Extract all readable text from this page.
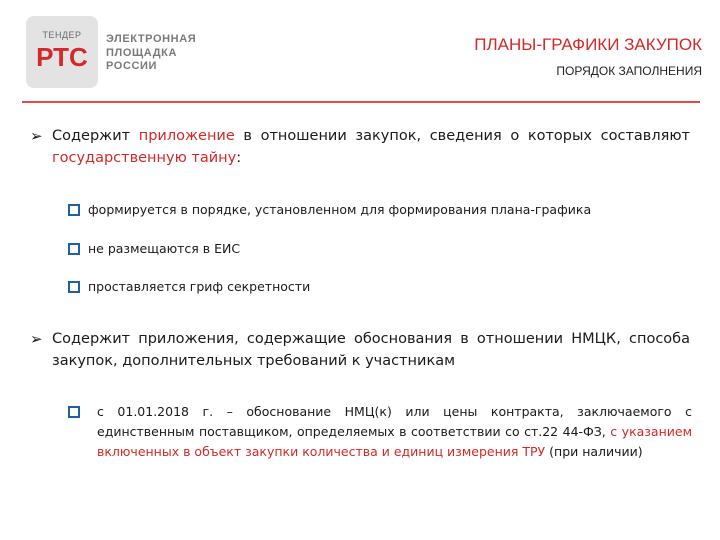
ТЕНДЕР
РТС
ЭЛЕКТРОННАЯ
ПЛОЩАДКА
РОССИИ
ПЛАНЫ-ГРАФИКИ ЗАКУПОК
ПОРЯДОК ЗАПОЛНЕНИЯ
➢ Содержит приложение в отношении закупок, сведения о которых составляют государственную тайну:
формируется в порядке, установленном для формирования плана-графика
не размещаются в ЕИС
проставляется гриф секретности
➢ Содержит приложения, содержащие обоснования в отношении НМЦК, способа закупок, дополнительных требований к участникам
с 01.01.2018 г. – обоснование НМЦ(к) или цены контракта, заключаемого с единственным поставщиком, определяемых в соответствии со ст.22 44-ФЗ, с указанием включенных в объект закупки количества и единиц измерения ТРУ (при наличии)
